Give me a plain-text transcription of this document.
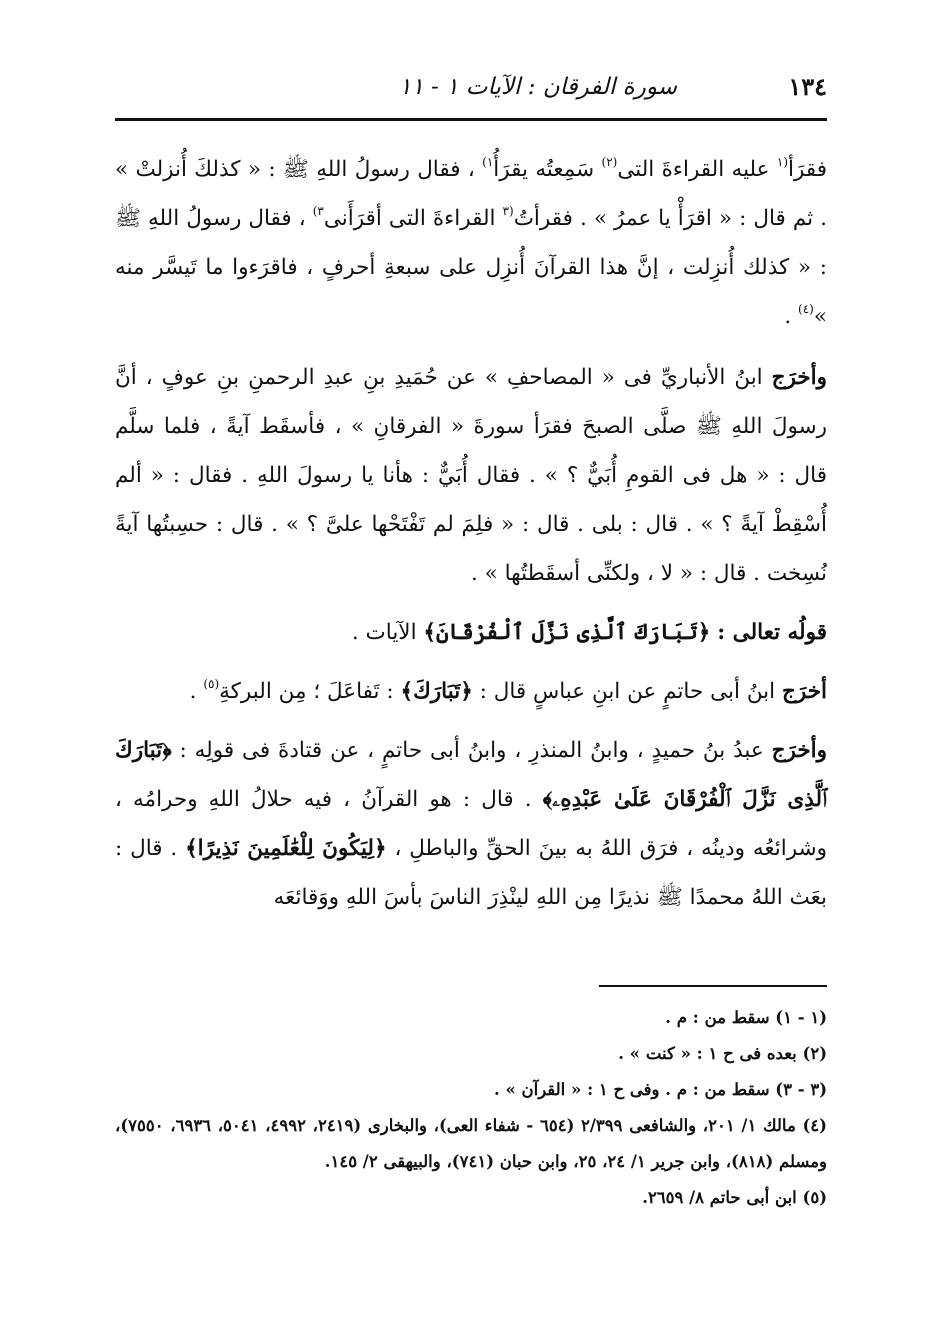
١٣٤
سورة الفرقان : الآيات ١ - ١١

فقرَأ$^{(١}$ عليه القراءةَ التى$^{(٢)}$ سَمِعتُه يقرَأُ$^{١)}$ ، فقال رسولُ اللهِ ﷺ : « كذلكَ أُنزلتْ » . ثم قال : « اقرَأْ يا عمرُ » . فقرأتُ$^{(٣}$ القراءةَ التى أقرَأَنى$^{٣)}$ ، فقال رسولُ اللهِ ﷺ : « كذلك أُنزِلت ، إنَّ هذا القرآنَ أُنزِل على سبعةِ أحرفٍ ، فاقرَءوا ما تَيسَّر منه »$^{(٤)}$ .

وأخرَج ابنُ الأنباريِّ فى « المصاحفِ » عن حُمَيدِ بنِ عبدِ الرحمنِ بنِ عوفٍ ، أنَّ رسولَ اللهِ ﷺ صلَّى الصبحَ فقرَأ سورةَ « الفرقانِ » ، فأسقَط آيةً ، فلما سلَّم قال : « هل فى القومِ أُبَيٌّ ؟ » . فقال أُبَيٌّ : هأنا يا رسولَ اللهِ . فقال : « ألم أُسْقِطْ آيةً ؟ » . قال : بلى . قال : « فلِمَ لم تَفْتَحْها علىَّ ؟ » . قال : حسِبتُها آيةً نُسِخت . قال : « لا ، ولكنِّى أسقَطتُها » .

قولُه تعالى : ﴿تَبَارَكَ ٱلَّذِى نَزَّلَ ٱلْفُرْقَانَ﴾ الآيات .

أخرَج ابنُ أبى حاتمٍ عن ابنِ عباسٍ قال : ﴿تَبَارَكَ﴾ : تَفاعَلَ ؛ مِن البركةِ$^{(٥)}$ .

وأخرَج عبدُ بنُ حميدٍ ، وابنُ المنذرِ ، وابنُ أبى حاتمٍ ، عن قتادةَ فى قولِه : ﴿تَبَارَكَ ٱلَّذِى نَزَّلَ ٱلْفُرْقَانَ عَلَىٰ عَبْدِهِۦ﴾ . قال : هو القرآنُ ، فيه حلالُ اللهِ وحرامُه ، وشرائعُه ودينُه ، فرَق اللهُ به بينَ الحقِّ والباطلِ ، ﴿لِيَكُونَ لِلْعَٰلَمِينَ نَذِيرًا﴾ . قال : بعَث اللهُ محمدًا ﷺ نذيرًا مِن اللهِ لينْذِرَ الناسَ بأسَ اللهِ ووَقائعَه

(١ - ١) سقط من : م .

(٢) بعده فى ح ١ : « كنت » .

(٣ - ٣) سقط من : م . وفى ح ١ : « القرآن » .

(٤) مالك ١/ ٢٠١، والشافعى ٢/٣٩٩ (٦٥٤ - شفاء العى)، والبخارى (٢٤١٩، ٤٩٩٢، ٥٠٤١، ٦٩٣٦، ٧٥٥٠)، ومسلم (٨١٨)، وابن جرير ١/ ٢٤، ٢٥، وابن حبان (٧٤١)، والبيهقى ٢/ ١٤٥.

(٥) ابن أبى حاتم ٨/ ٢٦٥٩.
